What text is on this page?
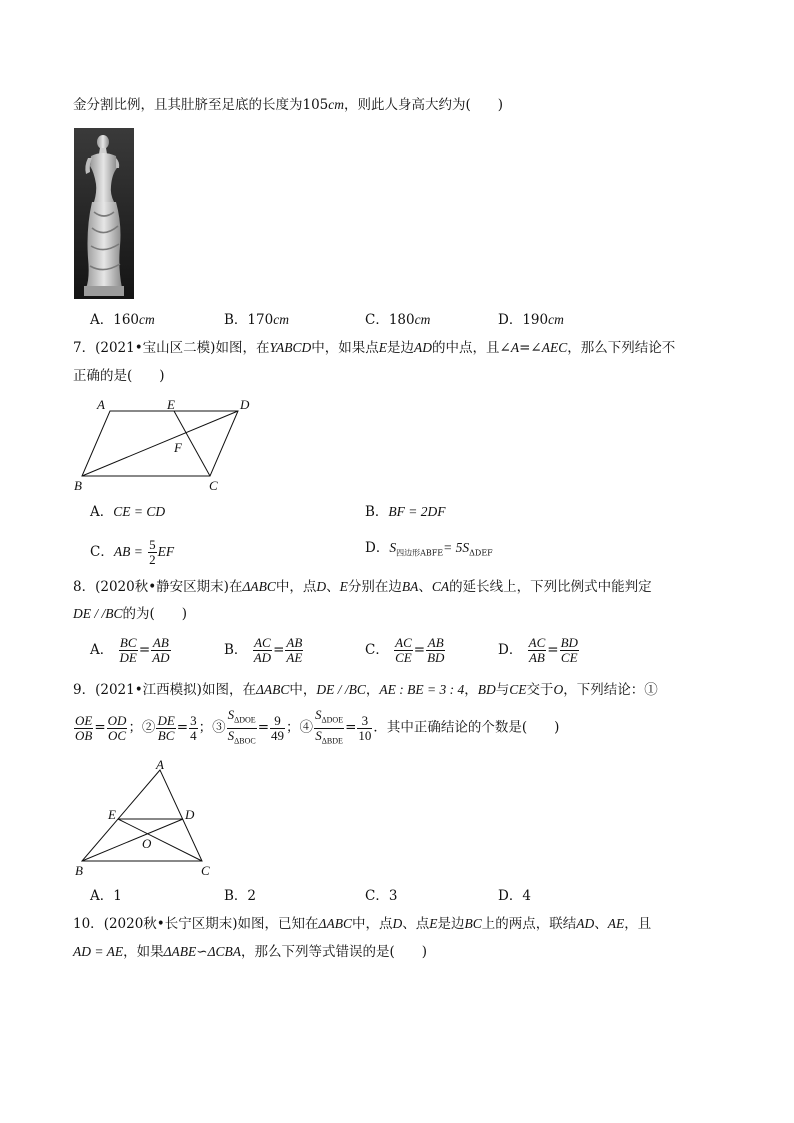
金分割比例，且其肚脐至足底的长度为105cm，则此人身高大约为(　　)
A．160cm	B．170cm	C．180cm	D．190cm
7．(2021•宝山区二模)如图，在YABCD中，如果点E是边AD的中点，且∠A=∠AEC，那么下列结论不
正确的是(　　)
A	E	D
F
B	C
A．CE = CD	B．BF = 2DF
C．AB = $\frac{5}{2}$ EF	D．$S_{四边形ABFE}= 5S_{\Delta DEF}$
8．(2020秋•静安区期末)在ΔABC中，点D、E分别在边BA、CA的延长线上，下列比例式中能判定
DE / /BC的为(　　)
A． $\frac{BC}{DE} = \frac{AB}{AD}$	B． $\frac{AC}{AD} = \frac{AB}{AE}$	C． $\frac{AC}{CE} = \frac{AB}{BD}$	D． $\frac{AC}{AB} = \frac{BD}{CE}$
9．(2021•江西模拟)如图，在ΔABC中，DE / /BC，AE : BE = 3 : 4，BD与CE交于O，下列结论：①
$\frac{OE}{OB} = \frac{OD}{OC}$ ；② $\frac{DE}{BC} = \frac{3}{4}$ ；③ $\frac{S_{\Delta DOE}}{S_{\Delta BOC}} = \frac{9}{49}$ ；④ $\frac{S_{\Delta DOE}}{S_{\Delta BDE}} = \frac{3}{10}$ ．其中正确结论的个数是(　　)
A
E	D
O
B	C
A．1	B．2	C．3	D．4
10．(2020秋•长宁区期末)如图，已知在ΔABC中，点D、点E是边BC上的两点，联结AD、AE，且
AD = AE，如果ΔABE∽ΔCBA，那么下列等式错误的是(　　)
